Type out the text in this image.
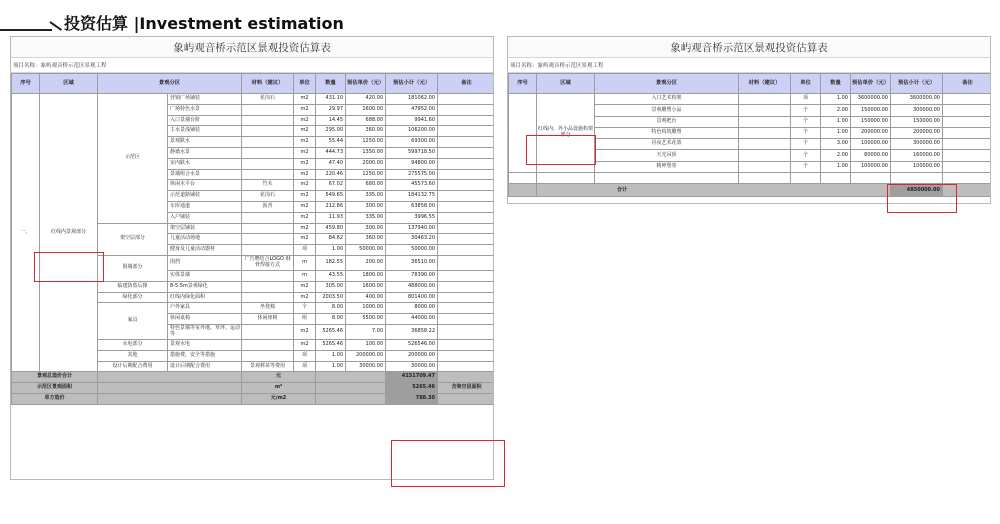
投资估算 |Investment estimation
象屿观音桥示范区景观投资估算表
项目名称：象屿观音桥示范区景观工程
序号	区域	景观分区		材料（建议）	单位	数量	预估单价（元）	预估小计（元）	备注
一、	红线内景观部分	示范区	营销广场铺装	花岗石	m2	431.10	420.00	181062.00	
			广场特色水景		m2	29.97	1600.00	47952.00	
			入口景墙台阶		m2	14.45	688.00	9941.60	
			主水景浅铺装		m2	295.00	360.00	106200.00	
			景观跌水		m2	55.44	1250.00	69300.00	
			静谧水景		m2	444.73	1350.00	599718.50	
			室内跌水		m2	47.40	2000.00	94800.00	
			景墙组合水景		m2	220.46	1250.00	275575.00	
			休闲木平台	竹木	m2	67.02	680.00	45573.60	
			示范道路铺装	花岗石	m2	549.65	335.00	184132.75	
			车库通道	沥青	m2	212.86	300.00	63858.00	
			入户铺装		m2	11.93	335.00	3996.55	
		架空层部分	架空层铺装		m2	459.80	300.00	137940.00	
			儿童活动场地		m2	84.62	360.00	30463.20	
			健身及儿童活动器材		项	1.00	50000.00	50000.00	
		围墙部分	围挡	广告牌结合LOGO 钢骨焊接方式	m	182.55	200.00	36510.00	
			实体景墙		m	43.55	1800.00	78390.00	
		临建防盗后撑	8-5.5m景观绿化		m2	305.00	1600.00	488000.00	
		绿化部分	红线内绿化面积		m2	2003.50	400.00	801400.00	
		家具	户外家具	坐凳椅	个	8.00	1000.00	8000.00	
			休闲桌椅	休闲座椅	组	8.00	5500.00	44000.00	
			特色景墙等室外地、草坪、运动等		m2	5265.46	7.00	36858.22	
		水电部分	景观水电		m2	5265.46	100.00	526546.00	
		其他	措施费、安全等措施		项	1.00	200000.00	200000.00	
		设计后期配合费用	设计后期配合费用	景观移苗等费用	项	1.00	30000.00	30000.00	
景观总造价合计				元				4151709.47	
示范区景观面积				m²				5265.46	含架空层面积
单方造价				元/m2				788.30	
象屿观音桥示范区景观投资估算表
项目名称：象屿观音桥示范区景观工程
序号	区域	景观分区	材料（建议）	单位	数量	预估单价（元）	预估小计（元）	备注
	红线内、外小品设施构架部分	入口艺术构架		项	1.00	3600000.00	3600000.00	
		景观雕塑小品		个	2.00	150000.00	300000.00	
		景观吧台		个	1.00	150000.00	150000.00	
		特色构筑雕塑		个	1.00	200000.00	200000.00	
		昼夜艺术花篮		个	3.00	100000.00	300000.00	
		天光吊顶		个	2.00	80000.00	160000.00	
		精神堡垒		个	1.00	100000.00	100000.00	

	合计						4850000.00	
